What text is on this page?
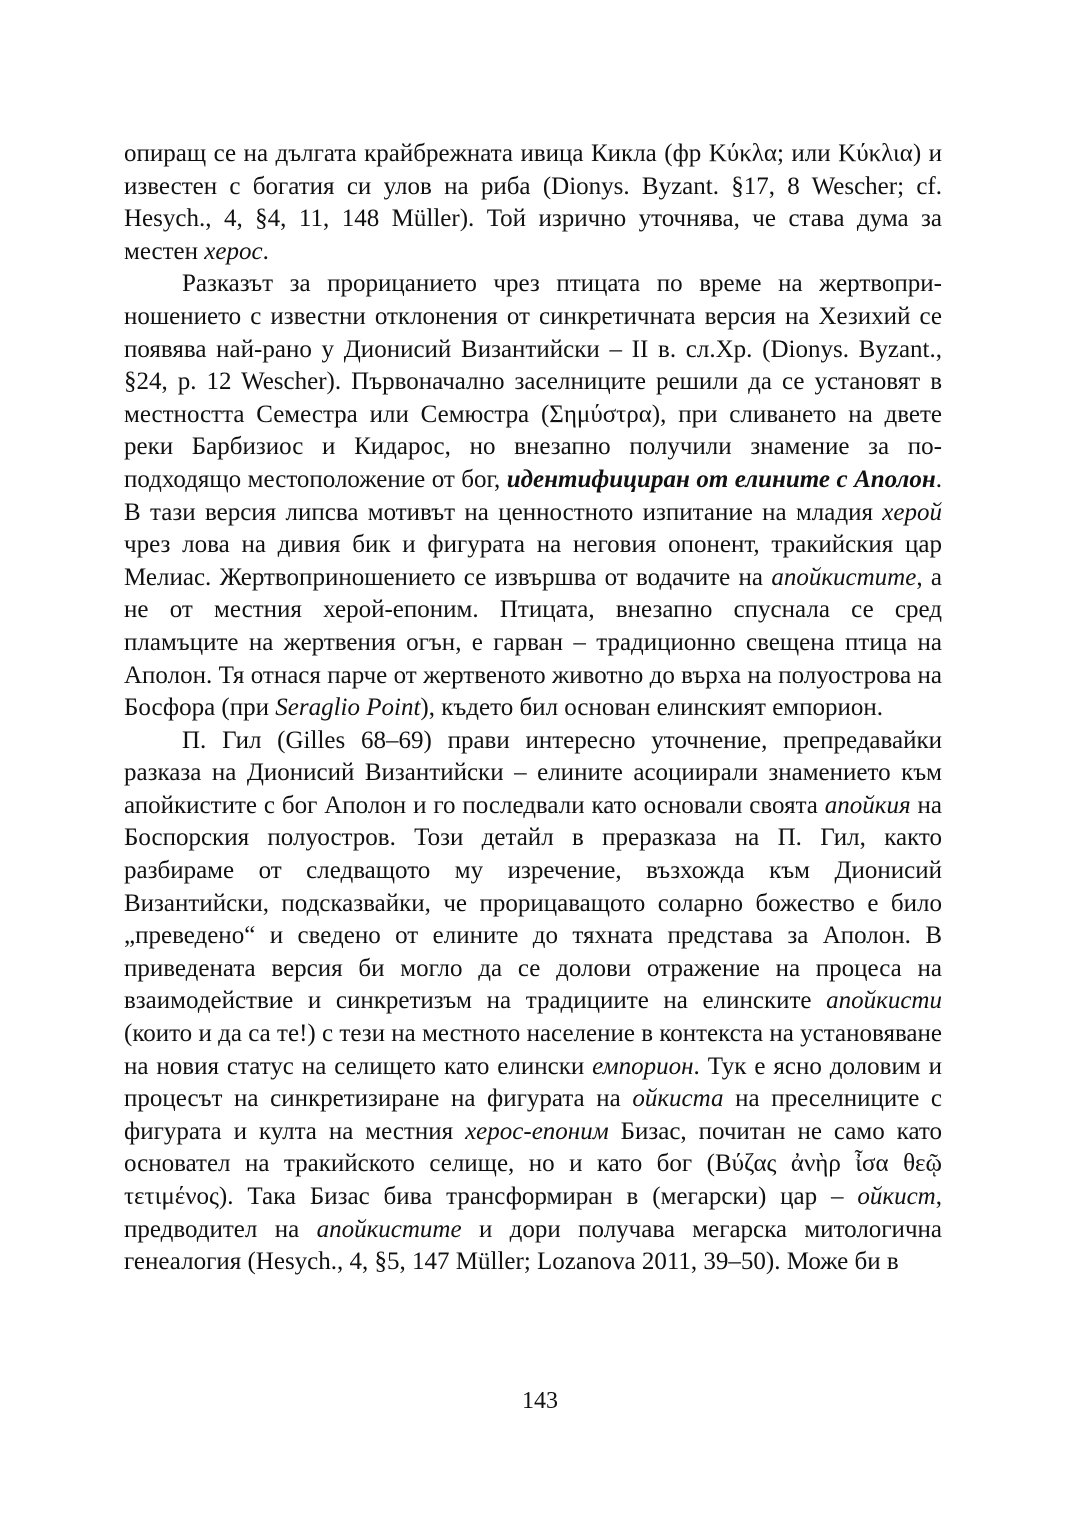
опиращ се на дългата крайбрежната ивица Кикла (фр Κύκλα; или Κύκλια) и известен с богатия си улов на риба (Dionys. Byzant. §17, 8 Wescher; cf. Hesych., 4, §4, 11, 148 Müller). Той изрично уточнява, че става дума за местен херос.

Разказът за прорицанието чрез птицата по време на жертвоприношението с известни отклонения от синкретичната версия на Хезихий се появява най-рано у Дионисий Византийски – II в. сл.Хр. (Dionys. Byzant., §24, p. 12 Wescher). Първоначално заселниците решили да се установят в местността Семестра или Семюстра (Σημύστρα), при сливането на двете реки Барбизиос и Кидарос, но внезапно получили знамение за по-подходящо местоположение от бог, идентифициран от елините с Аполон. В тази версия липсва мотивът на ценностното изпитание на младия херой чрез лова на дивия бик и фигурата на неговия опонент, тракийския цар Мелиас. Жертвоприношението се извършва от водачите на апойкистите, а не от местния херой-епоним. Птицата, внезапно спуснала се сред пламъците на жертвения огън, е гарван – традиционно свещена птица на Аполон. Тя отнася парче от жертвеното животно до върха на полуострова на Босфора (при Seraglio Point), където бил основан елинският емпорион.

П. Гил (Gilles 68–69) прави интересно уточнение, препредавайки разказа на Дионисий Византийски – елините асоциирали знамението към апойкистите с бог Аполон и го последвали като основали своята апойкия на Боспорския полуостров. Този детайл в преразказа на П. Гил, както разбираме от следващото му изречение, възхожда към Дионисий Византийски, подсказвайки, че прорицаващото соларно божество е било „преведено“ и сведено от елините до тяхната представа за Аполон. В приведената версия би могло да се долови отражение на процеса на взаимодействие и синкретизъм на традициите на елинските апойкисти (които и да са те!) с тези на местното население в контекста на установяване на новия статус на селището като елински емпорион. Тук е ясно доловим и процесът на синкретизиране на фигурата на ойкиста на преселниците с фигурата и култа на местния херос-епоним Бизас, почитан не само като основател на тракийското селище, но и като бог (Βύζας ἀνὴρ ἶσα θεῷ τετιμένος). Така Бизас бива трансформиран в (мегарски) цар – ойкист, предводител на апойкистите и дори получава мегарска митологична генеалогия (Hesych., 4, §5, 147 Müller; Lozanova 2011, 39–50). Може би в

143
